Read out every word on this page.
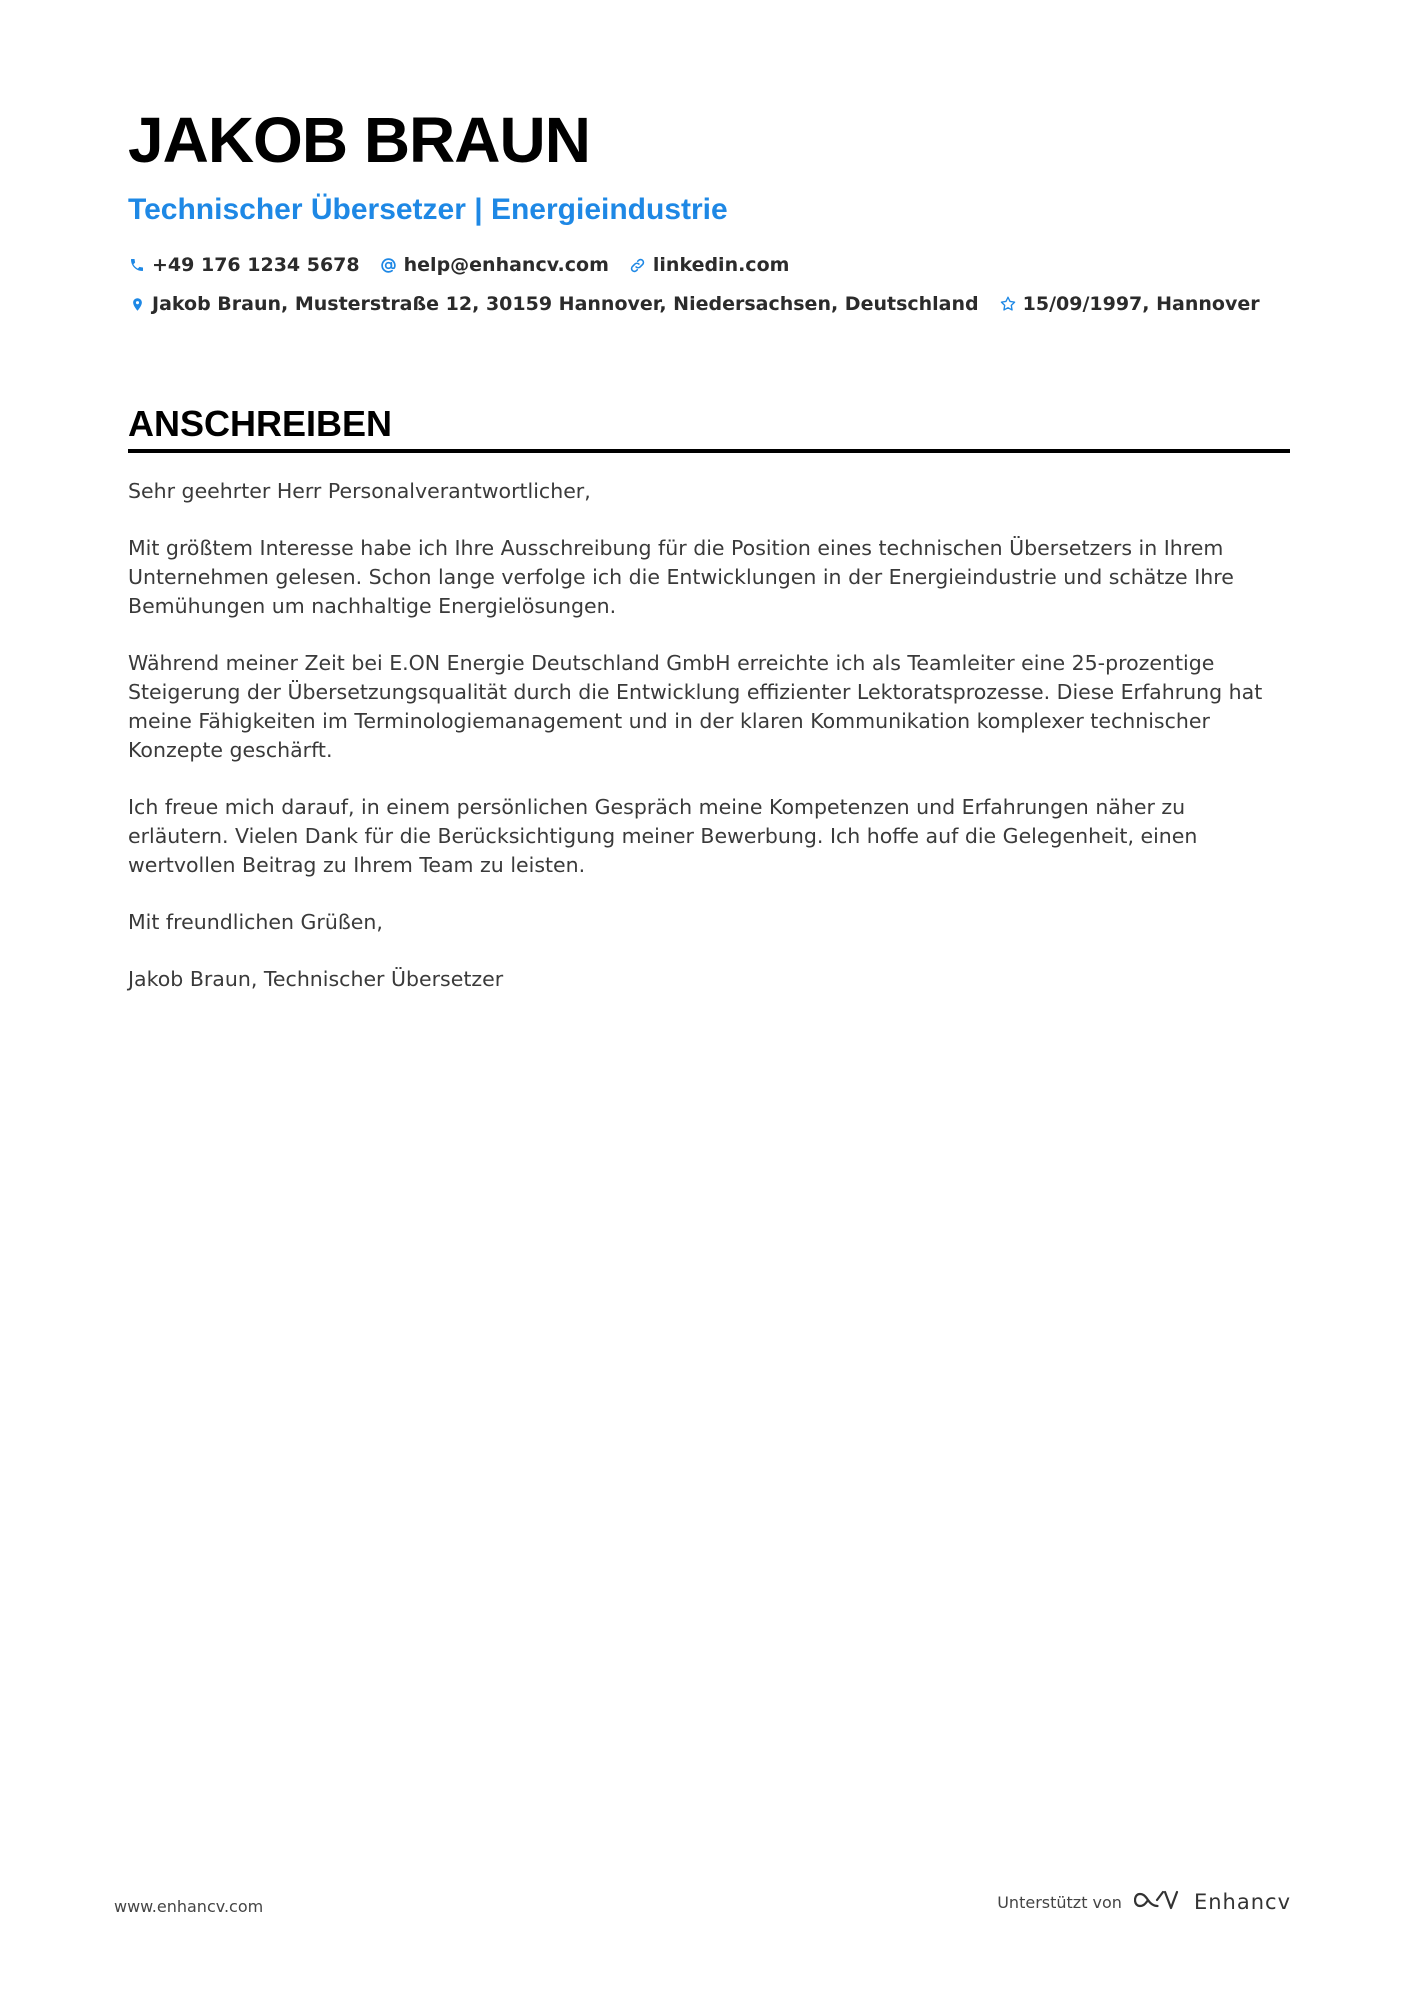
JAKOB BRAUN
Technischer Übersetzer | Energieindustrie
+49 176 1234 5678 help@enhancv.com linkedin.com
Jakob Braun, Musterstraße 12, 30159 Hannover, Niedersachsen, Deutschland 15/09/1997, Hannover
ANSCHREIBEN

Sehr geehrter Herr Personalverantwortlicher,

Mit größtem Interesse habe ich Ihre Ausschreibung für die Position eines technischen Übersetzers in Ihrem Unternehmen gelesen. Schon lange verfolge ich die Entwicklungen in der Energieindustrie und schätze Ihre Bemühungen um nachhaltige Energielösungen.

Während meiner Zeit bei E.ON Energie Deutschland GmbH erreichte ich als Teamleiter eine 25-prozentige Steigerung der Übersetzungsqualität durch die Entwicklung effizienter Lektoratsprozesse. Diese Erfahrung hat meine Fähigkeiten im Terminologiemanagement und in der klaren Kommunikation komplexer technischer Konzepte geschärft.

Ich freue mich darauf, in einem persönlichen Gespräch meine Kompetenzen und Erfahrungen näher zu erläutern. Vielen Dank für die Berücksichtigung meiner Bewerbung. Ich hoffe auf die Gelegenheit, einen wertvollen Beitrag zu Ihrem Team zu leisten.

Mit freundlichen Grüßen,

Jakob Braun, Technischer Übersetzer

www.enhancv.com	Unterstützt von	Enhancv
